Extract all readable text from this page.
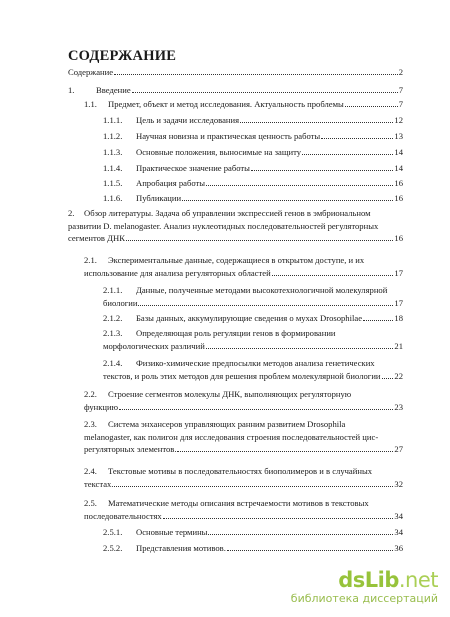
СОДЕРЖАНИЕ
Содержание	2
1.	Введение	7
1.1. Предмет, объект и метод исследования. Актуальность проблемы	7
1.1.1. Цель и задачи исследования	12
1.1.2. Научная новизна и практическая ценность работы	13
1.1.3. Основные положения, выносимые на защиту	14
1.1.4. Практическое значение работы	14
1.1.5. Апробация работы	16
1.1.6. Публикации	16
2. Обзор литературы. Задача об управлении экспрессией генов в эмбриональном
развитии D. melanogaster. Анализ нуклеотидных последовательностей регуляторных
сегментов ДНК	16
2.1. Экспериментальные данные, содержащиеся в открытом доступе, и их
использование для анализа регуляторных областей	17
2.1.1. Данные, полученные методами высокотехнологичной молекулярной
биологии	17
2.1.2. Базы данных, аккумулирующие сведения о мухах Drosophilae	18
2.1.3. Определяющая роль регуляции генов в формировании
морфологических различий	21
2.1.4. Физико-химические предпосылки методов анализа генетических
текстов, и роль этих методов для решения проблем молекулярной биологии 22
2.2. Строение сегментов молекулы ДНК, выполняющих регуляторную
функцию	23
2.3. Система энхансеров управляющих ранним развитием Drosophila
melanogaster, как полигон для исследования строения последовательностей цис-
регуляторных элементов.	27
2.4. Текстовые мотивы в последовательностях биополимеров и в случайных
текстах.	32
2.5. Математические методы описания встречаемости мотивов в текстовых
последовательностях	34
2.5.1. Основные термины	34
2.5.2. Представления мотивов.	36
dsLib.net
библиотека диссертаций
